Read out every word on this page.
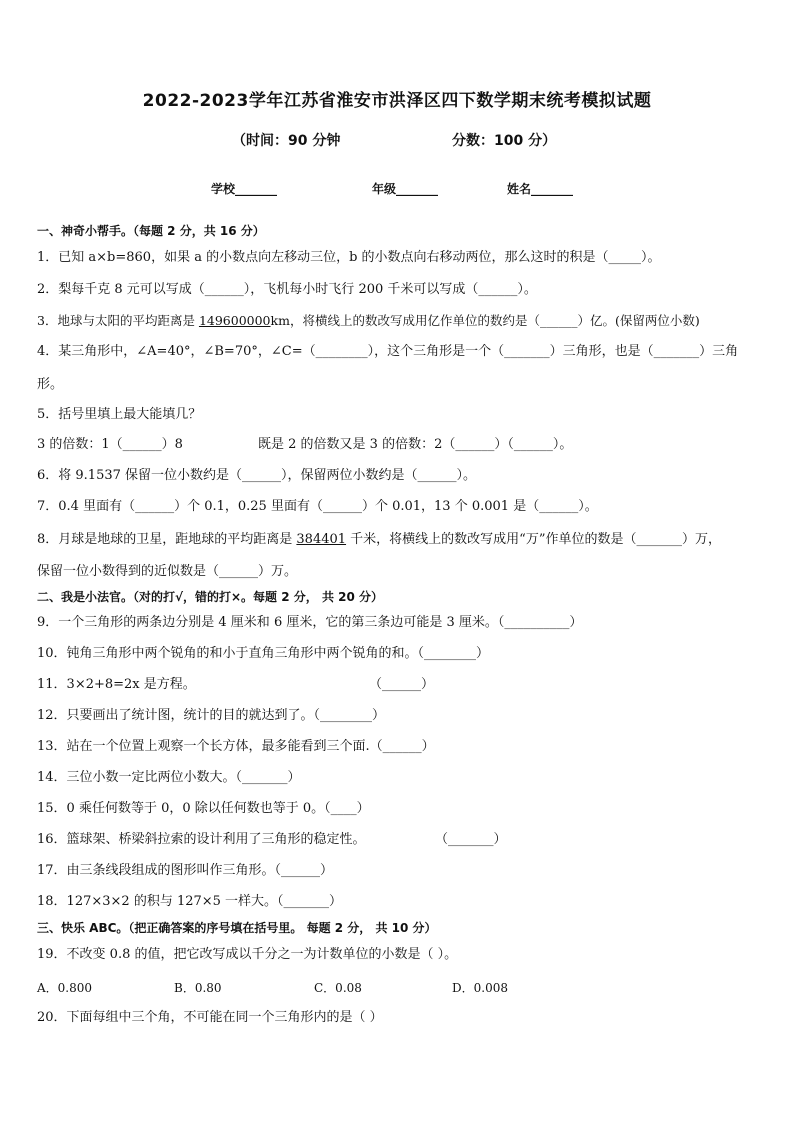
2022-2023学年江苏省淮安市洪泽区四下数学期末统考模拟试题
（时间：90 分钟	分数：100 分）
学校_______	年级_______	姓名_______
一、神奇小帮手。（每题 2 分，共 16 分）
1．已知 a×b=860，如果 a 的小数点向左移动三位，b 的小数点向右移动两位，那么这时的积是（_____）。
2．梨每千克 8 元可以写成（______），飞机每小时飞行 200 千米可以写成（______）。
3．地球与太阳的平均距离是 149600000km，将横线上的数改写成用亿作单位的数约是（______）亿。(保留两位小数)
4．某三角形中，∠A=40°，∠B=70°，∠C=（________），这个三角形是一个（_______）三角形，也是（_______）三角
形。
5．括号里填上最大能填几？
3 的倍数：1（______）8	既是 2 的倍数又是 3 的倍数：2（______）（______）。
6．将 9.1537 保留一位小数约是（______），保留两位小数约是（______）。
7．0.4 里面有（______）个 0.1，0.25 里面有（______）个 0.01，13 个 0.001 是（______）。
8．月球是地球的卫星，距地球的平均距离是 384401 千米，将横线上的数改写成用“万”作单位的数是（_______）万，
保留一位小数得到的近似数是（______）万。
二、我是小法官。（对的打√，错的打×。每题 2 分， 共 20 分）
9．一个三角形的两条边分别是 4 厘米和 6 厘米，它的第三条边可能是 3 厘米。（__________）
10．钝角三角形中两个锐角的和小于直角三角形中两个锐角的和。（________）
11．3×2+8=2x 是方程。	（______）
12．只要画出了统计图，统计的目的就达到了。（________）
13．站在一个位置上观察一个长方体，最多能看到三个面.（______）
14．三位小数一定比两位小数大。（_______）
15．0 乘任何数等于 0，0 除以任何数也等于 0。（____）
16．篮球架、桥梁斜拉索的设计利用了三角形的稳定性。	（_______）
17．由三条线段组成的图形叫作三角形。（______）
18．127×3×2 的积与 127×5 一样大。（_______）
三、快乐 ABC。（把正确答案的序号填在括号里。 每题 2 分， 共 10 分）
19．不改变 0.8 的值，把它改写成以千分之一为计数单位的小数是（ ）。
A．0.800	B．0.80	C．0.08	D．0.008
20．下面每组中三个角，不可能在同一个三角形内的是（ ）
